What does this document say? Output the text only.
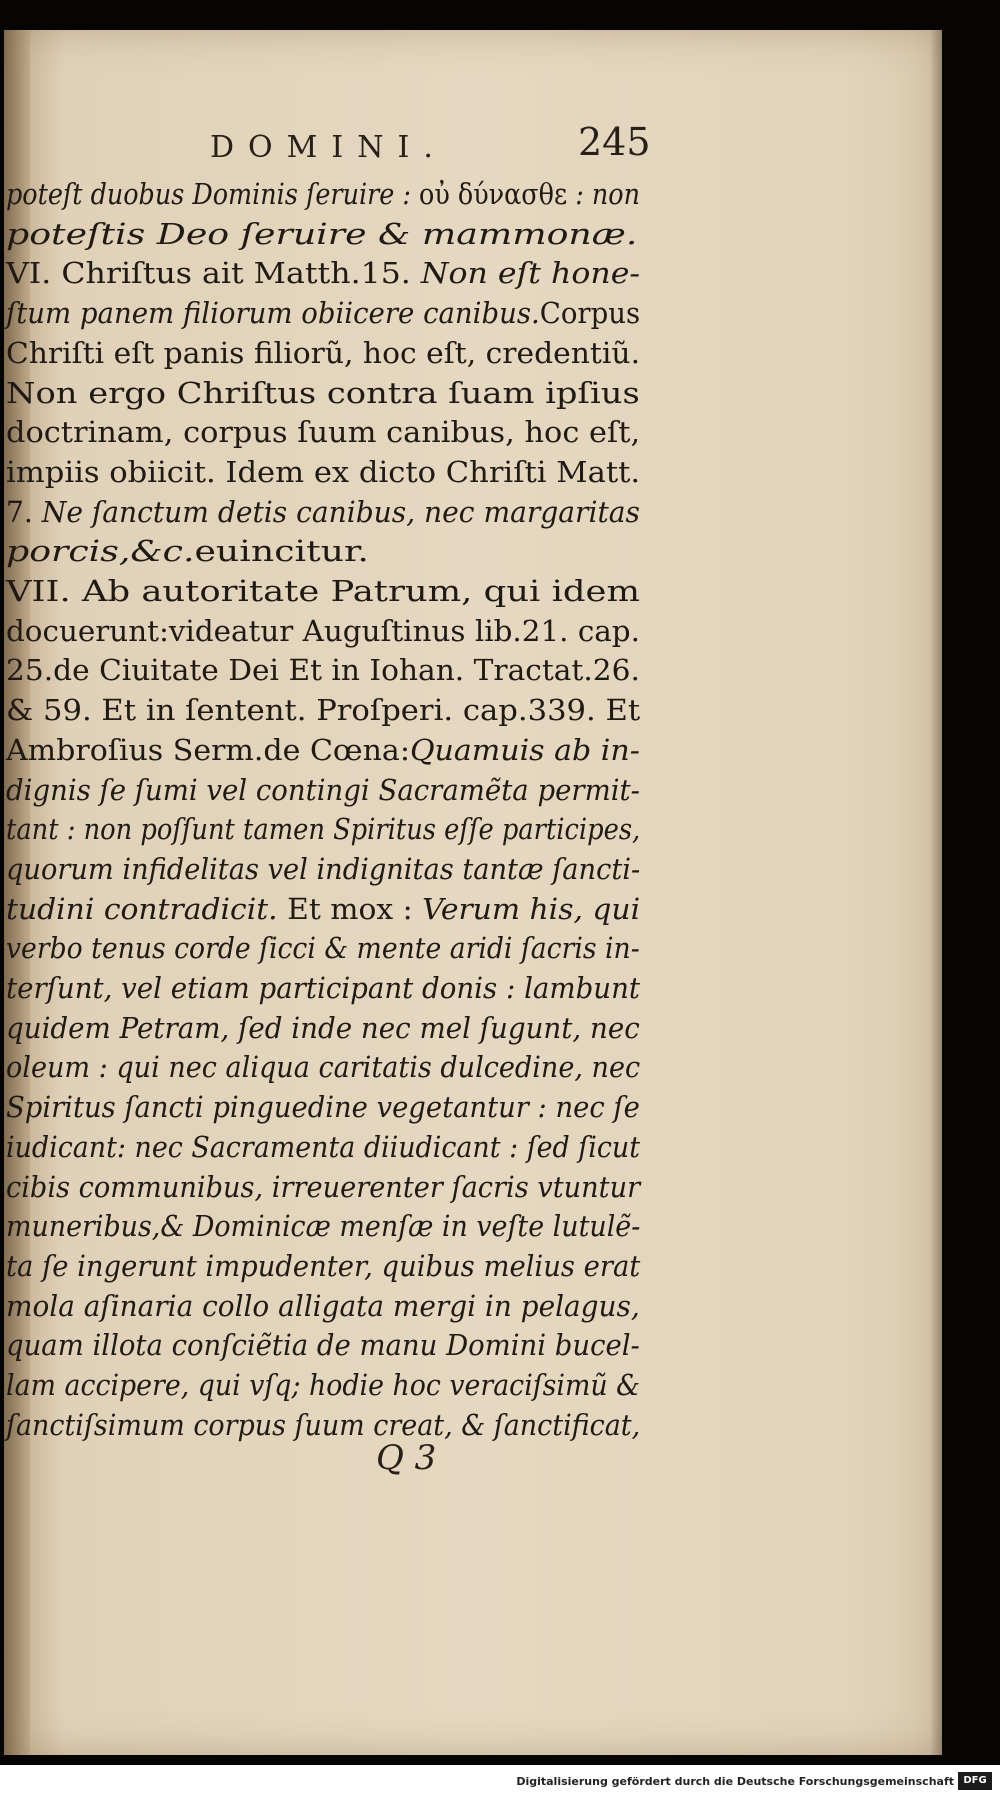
DOMINI.	245
poteſt duobus Dominis ſeruire : οὐ δύνασθε : non
poteſtis Deo ſeruire & mammonæ.
VI. Chriſtus ait Matth.15. Non eſt hone-
ſtum panem filiorum obiicere canibus.Corpus
Chriſti eſt panis filiorũ, hoc eſt, credentiũ.
Non ergo Chriſtus contra ſuam ipſius
doctrinam, corpus ſuum canibus, hoc eſt,
impiis obiicit. Idem ex dicto Chriſti Matt.
7. Ne ſanctum detis canibus, nec margaritas
porcis,&c.euincitur.
VII. Ab autoritate Patrum, qui idem
docuerunt:videatur Auguſtinus lib.21. cap.
25.de Ciuitate Dei Et in Iohan. Tractat.26.
& 59. Et in ſentent. Proſperi. cap.339. Et
Ambroſius Serm.de Cœna:Quamuis ab in-
dignis ſe ſumi vel contingi Sacramẽta permit-
tant : non poſſunt tamen Spiritus eſſe participes,
quorum infidelitas vel indignitas tantæ ſancti-
tudini contradicit. Et mox : Verum his, qui
verbo tenus corde ſicci & mente aridi ſacris in-
terſunt, vel etiam participant donis : lambunt
quidem Petram, ſed inde nec mel ſugunt, nec
oleum : qui nec aliqua caritatis dulcedine, nec
Spiritus ſancti pinguedine vegetantur : nec ſe
iudicant: nec Sacramenta diiudicant : ſed ſicut
cibis communibus, irreuerenter ſacris vtuntur
muneribus,& Dominicæ menſæ in veſte lutulẽ-
ta ſe ingerunt impudenter, quibus melius erat
mola aſinaria collo alligata mergi in pelagus,
quam illota conſciẽtia de manu Domini bucel-
lam accipere, qui vſq; hodie hoc veraciſsimũ &
ſanctiſsimum corpus ſuum creat, & ſanctificat,
Q 3
Digitalisierung gefördert durch die Deutsche Forschungsgemeinschaft DFG
